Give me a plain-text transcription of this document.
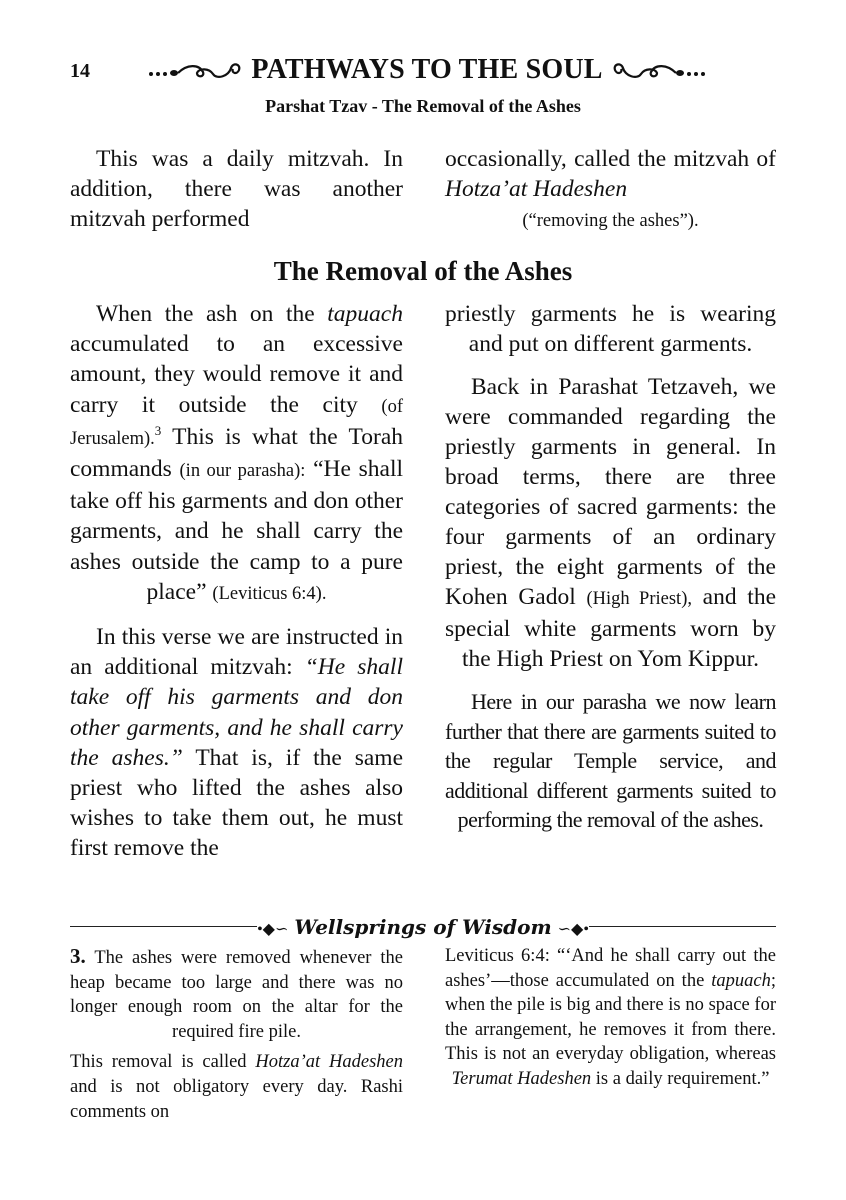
14	PATHWAYS TO THE SOUL
Parshat Tzav - The Removal of the Ashes

This was a daily mitzvah. In addition, there was another mitzvah performed

occasionally, called the mitzvah of Hotza’at Hadeshen

(“removing the ashes”).

The Removal of the Ashes

When the ash on the tapuach accumulated to an excessive amount, they would remove it and carry it outside the city (of Jerusalem).$^3$ This is what the Torah commands (in our parasha): “He shall take off his garments and don other garments, and he shall carry the ashes outside the camp to a pure place” (Leviticus 6:4).

In this verse we are instructed in an additional mitzvah: “He shall take off his garments and don other garments, and he shall carry the ashes.” That is, if the same priest who lifted the ashes also wishes to take them out, he must first remove the

priestly garments he is wearing and put on different garments.

Back in Parashat Tetzaveh, we were commanded regarding the priestly garments in general. In broad terms, there are three categories of sacred garments: the four garments of an ordinary priest, the eight garments of the Kohen Gadol (High Priest), and the special white garments worn by the High Priest on Yom Kippur.

Here in our parasha we now learn further that there are garments suited to the regular Temple service, and additional different garments suited to performing the removal of the ashes.

•◆∽ Wellsprings of Wisdom ∽◆•

3. The ashes were removed whenever the heap became too large and there was no longer enough room on the altar for the required fire pile.

This removal is called Hotza’at Hadeshen and is not obligatory every day. Rashi comments on

Leviticus 6:4: “‘And he shall carry out the ashes’—those accumulated on the tapuach; when the pile is big and there is no space for the arrangement, he removes it from there. This is not an everyday obligation, whereas Terumat Hadeshen is a daily requirement.”
